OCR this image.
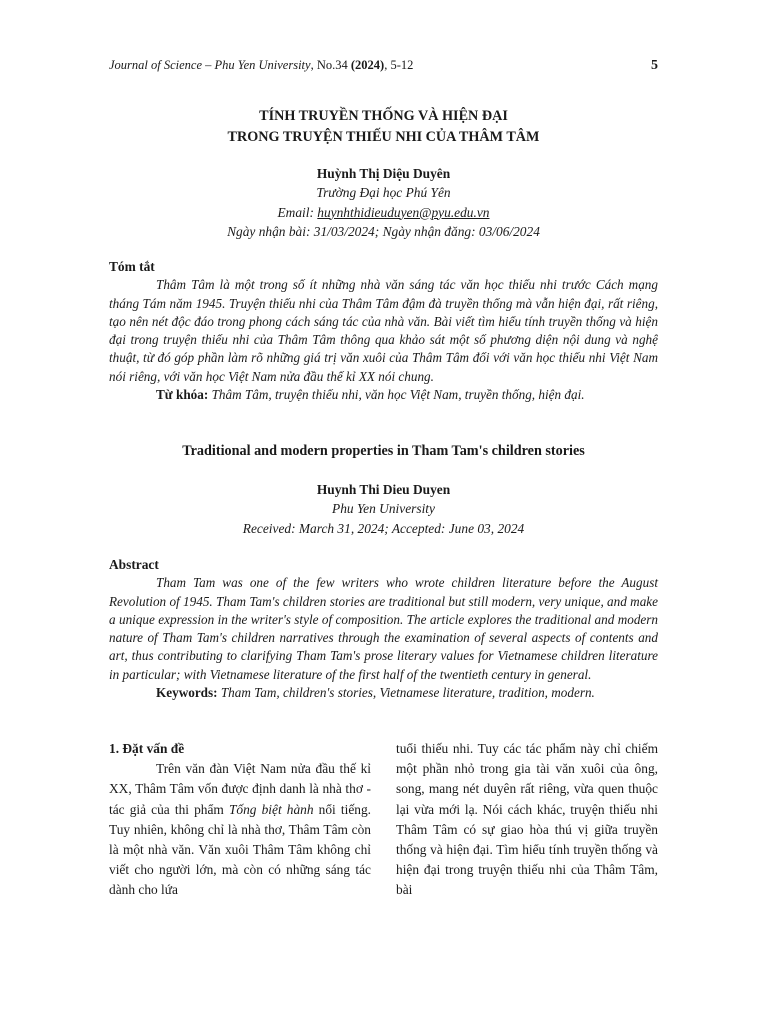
Journal of Science – Phu Yen University, No.34 (2024), 5-12	5
TÍNH TRUYỀN THỐNG VÀ HIỆN ĐẠI
TRONG TRUYỆN THIẾU NHI CỦA THÂM TÂM
Huỳnh Thị Diệu Duyên
Trường Đại học Phú Yên
Email: huynhthidieuduyen@pyu.edu.vn
Ngày nhận bài: 31/03/2024; Ngày nhận đăng: 03/06/2024
Tóm tắt

Thâm Tâm là một trong số ít những nhà văn sáng tác văn học thiếu nhi trước Cách mạng tháng Tám năm 1945. Truyện thiếu nhi của Thâm Tâm đậm đà truyền thống mà vẫn hiện đại, rất riêng, tạo nên nét độc đáo trong phong cách sáng tác của nhà văn. Bài viết tìm hiểu tính truyền thống và hiện đại trong truyện thiếu nhi của Thâm Tâm thông qua khảo sát một số phương diện nội dung và nghệ thuật, từ đó góp phần làm rõ những giá trị văn xuôi của Thâm Tâm đối với văn học thiếu nhi Việt Nam nói riêng, với văn học Việt Nam nửa đầu thế kỉ XX nói chung.

Từ khóa: Thâm Tâm, truyện thiếu nhi, văn học Việt Nam, truyền thống, hiện đại.

Traditional and modern properties in Tham Tam's children stories
Huynh Thi Dieu Duyen
Phu Yen University
Received: March 31, 2024; Accepted: June 03, 2024
Abstract

Tham Tam was one of the few writers who wrote children literature before the August Revolution of 1945. Tham Tam's children stories are traditional but still modern, very unique, and make a unique expression in the writer's style of composition. The article explores the traditional and modern nature of Tham Tam's children narratives through the examination of several aspects of contents and art, thus contributing to clarifying Tham Tam's prose literary values for Vietnamese children literature in particular; with Vietnamese literature of the first half of the twentieth century in general.

Keywords: Tham Tam, children's stories, Vietnamese literature, tradition, modern.

1. Đặt vấn đề

Trên văn đàn Việt Nam nửa đầu thế kỉ XX, Thâm Tâm vốn được định danh là nhà thơ - tác giả của thi phẩm Tống biệt hành nổi tiếng. Tuy nhiên, không chỉ là nhà thơ, Thâm Tâm còn là một nhà văn. Văn xuôi Thâm Tâm không chỉ viết cho người lớn, mà còn có những sáng tác dành cho lứa

tuổi thiếu nhi. Tuy các tác phẩm này chỉ chiếm một phần nhỏ trong gia tài văn xuôi của ông, song, mang nét duyên rất riêng, vừa quen thuộc lại vừa mới lạ. Nói cách khác, truyện thiếu nhi Thâm Tâm có sự giao hòa thú vị giữa truyền thống và hiện đại. Tìm hiểu tính truyền thống và hiện đại trong truyện thiếu nhi của Thâm Tâm, bài
